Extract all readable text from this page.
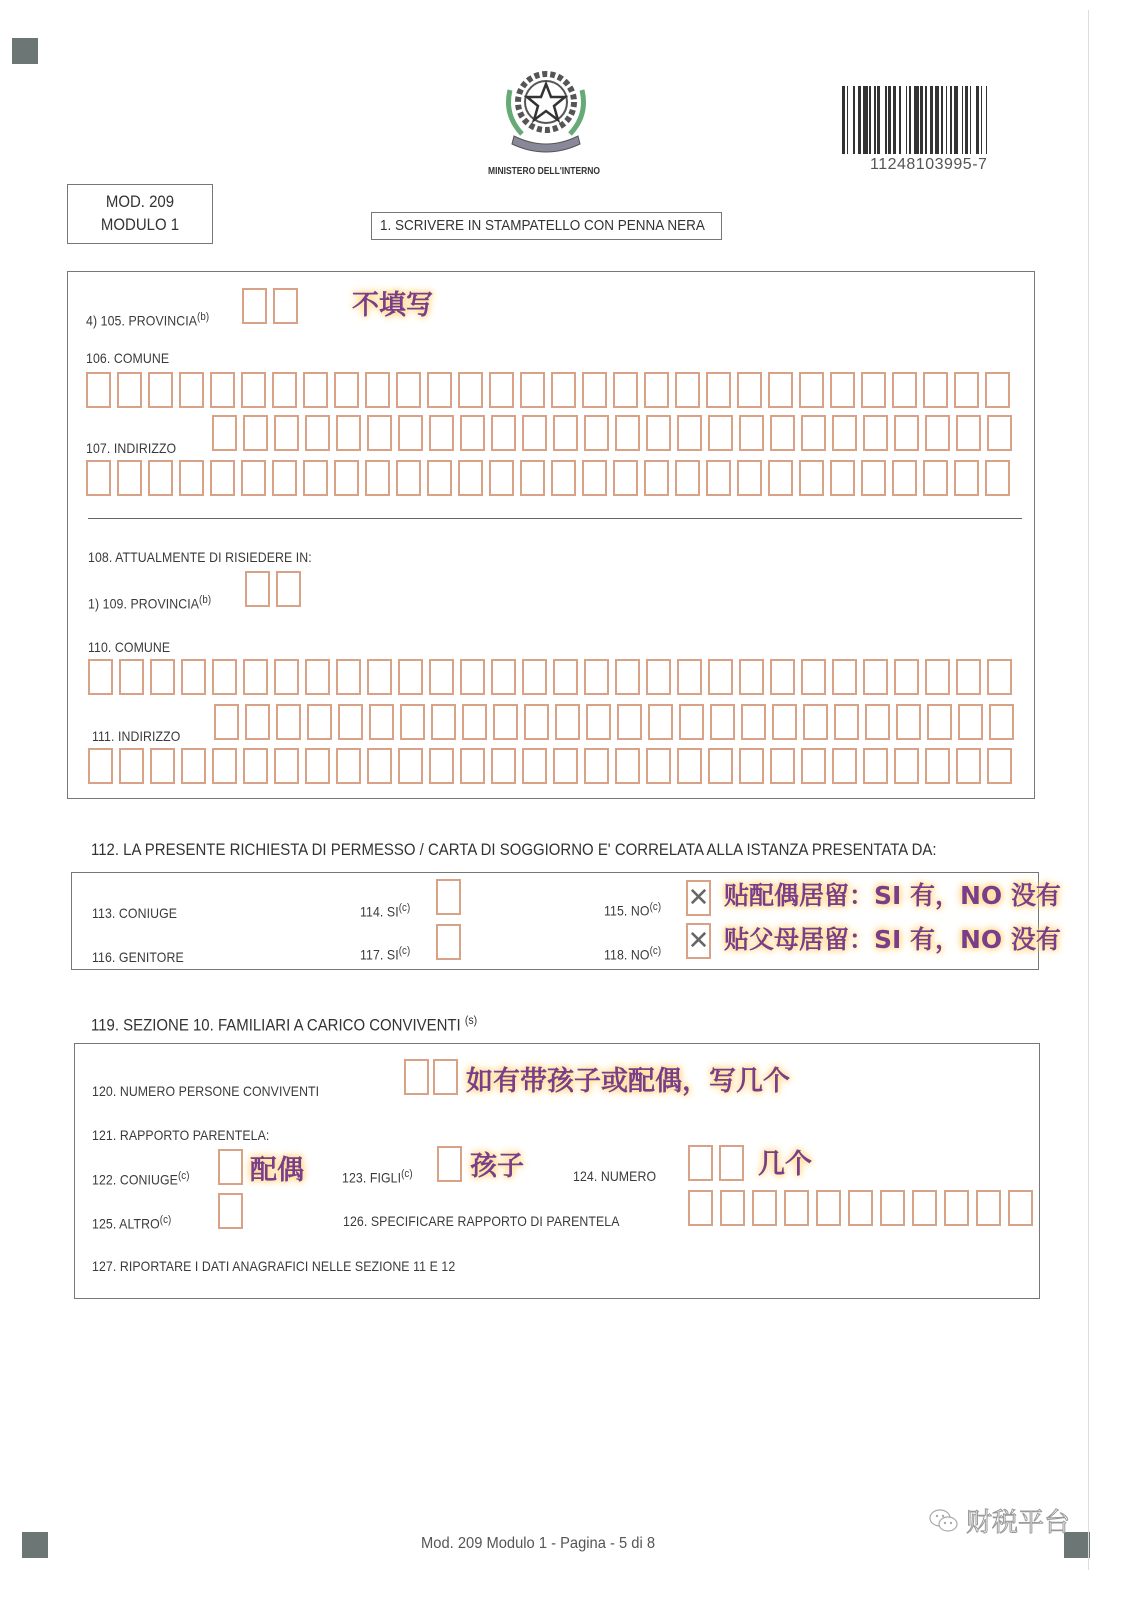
MINISTERO DELL'INTERNO	11248103995-7
MOD. 209
MODULO 1	1. SCRIVERE IN STAMPATELLO CON PENNA NERA
4) 105. PROVINCIA$^{(b)}$	不填写
106. COMUNE
107. INDIRIZZO
108. ATTUALMENTE DI RISIEDERE IN:
1) 109. PROVINCIA$^{(b)}$
110. COMUNE
111. INDIRIZZO
112. LA PRESENTE RICHIESTA DI PERMESSO / CARTA DI SOGGIORNO E' CORRELATA ALLA ISTANZA PRESENTATA DA:
113. CONIUGE	114. SI$^{(c)}$	115. NO$^{(c)}$ ✕ 贴配偶居留：SI 有，NO 没有
116. GENITORE	117. SI$^{(c)}$	118. NO$^{(c)}$ ✕ 贴父母居留：SI 有，NO 没有
119. SEZIONE 10. FAMILIARI A CARICO CONVIVENTI $^{(s)}$
120. NUMERO PERSONE CONVIVENTI	如有带孩子或配偶，写几个
121. RAPPORTO PARENTELA:
122. CONIUGE$^{(c)}$ 配偶	123. FIGLI$^{(c)}$ 孩子	124. NUMERO	几个
125. ALTRO$^{(c)}$	126. SPECIFICARE RAPPORTO DI PARENTELA
127. RIPORTARE I DATI ANAGRAFICI NELLE SEZIONE 11 E 12
Mod. 209 Modulo 1 - Pagina - 5 di 8
财税平台
